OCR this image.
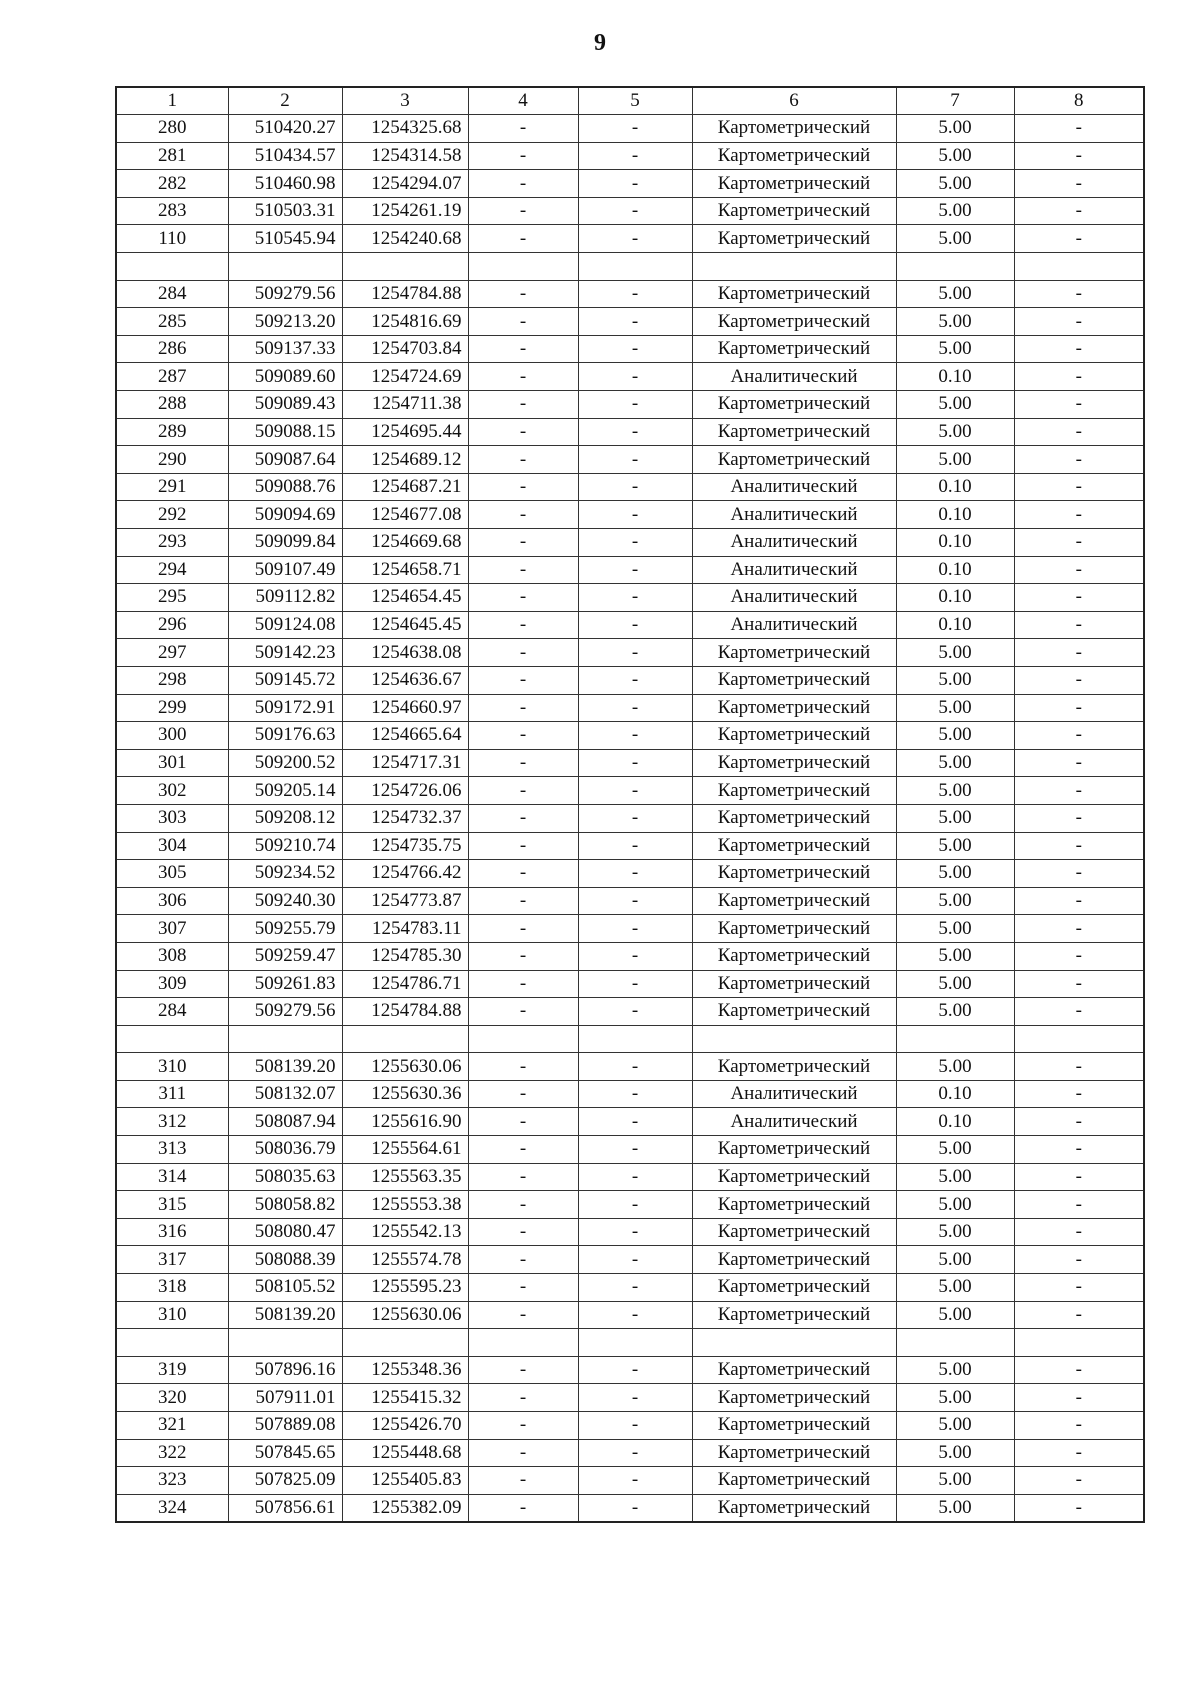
9
1	2	3	4	5	6	7	8
280	510420.27	1254325.68	-	-	Картометрический	5.00	-
281	510434.57	1254314.58	-	-	Картометрический	5.00	-
282	510460.98	1254294.07	-	-	Картометрический	5.00	-
283	510503.31	1254261.19	-	-	Картометрический	5.00	-
110	510545.94	1254240.68	-	-	Картометрический	5.00	-

284	509279.56	1254784.88	-	-	Картометрический	5.00	-
285	509213.20	1254816.69	-	-	Картометрический	5.00	-
286	509137.33	1254703.84	-	-	Картометрический	5.00	-
287	509089.60	1254724.69	-	-	Аналитический	0.10	-
288	509089.43	1254711.38	-	-	Картометрический	5.00	-
289	509088.15	1254695.44	-	-	Картометрический	5.00	-
290	509087.64	1254689.12	-	-	Картометрический	5.00	-
291	509088.76	1254687.21	-	-	Аналитический	0.10	-
292	509094.69	1254677.08	-	-	Аналитический	0.10	-
293	509099.84	1254669.68	-	-	Аналитический	0.10	-
294	509107.49	1254658.71	-	-	Аналитический	0.10	-
295	509112.82	1254654.45	-	-	Аналитический	0.10	-
296	509124.08	1254645.45	-	-	Аналитический	0.10	-
297	509142.23	1254638.08	-	-	Картометрический	5.00	-
298	509145.72	1254636.67	-	-	Картометрический	5.00	-
299	509172.91	1254660.97	-	-	Картометрический	5.00	-
300	509176.63	1254665.64	-	-	Картометрический	5.00	-
301	509200.52	1254717.31	-	-	Картометрический	5.00	-
302	509205.14	1254726.06	-	-	Картометрический	5.00	-
303	509208.12	1254732.37	-	-	Картометрический	5.00	-
304	509210.74	1254735.75	-	-	Картометрический	5.00	-
305	509234.52	1254766.42	-	-	Картометрический	5.00	-
306	509240.30	1254773.87	-	-	Картометрический	5.00	-
307	509255.79	1254783.11	-	-	Картометрический	5.00	-
308	509259.47	1254785.30	-	-	Картометрический	5.00	-
309	509261.83	1254786.71	-	-	Картометрический	5.00	-
284	509279.56	1254784.88	-	-	Картометрический	5.00	-

310	508139.20	1255630.06	-	-	Картометрический	5.00	-
311	508132.07	1255630.36	-	-	Аналитический	0.10	-
312	508087.94	1255616.90	-	-	Аналитический	0.10	-
313	508036.79	1255564.61	-	-	Картометрический	5.00	-
314	508035.63	1255563.35	-	-	Картометрический	5.00	-
315	508058.82	1255553.38	-	-	Картометрический	5.00	-
316	508080.47	1255542.13	-	-	Картометрический	5.00	-
317	508088.39	1255574.78	-	-	Картометрический	5.00	-
318	508105.52	1255595.23	-	-	Картометрический	5.00	-
310	508139.20	1255630.06	-	-	Картометрический	5.00	-

319	507896.16	1255348.36	-	-	Картометрический	5.00	-
320	507911.01	1255415.32	-	-	Картометрический	5.00	-
321	507889.08	1255426.70	-	-	Картометрический	5.00	-
322	507845.65	1255448.68	-	-	Картометрический	5.00	-
323	507825.09	1255405.83	-	-	Картометрический	5.00	-
324	507856.61	1255382.09	-	-	Картометрический	5.00	-
